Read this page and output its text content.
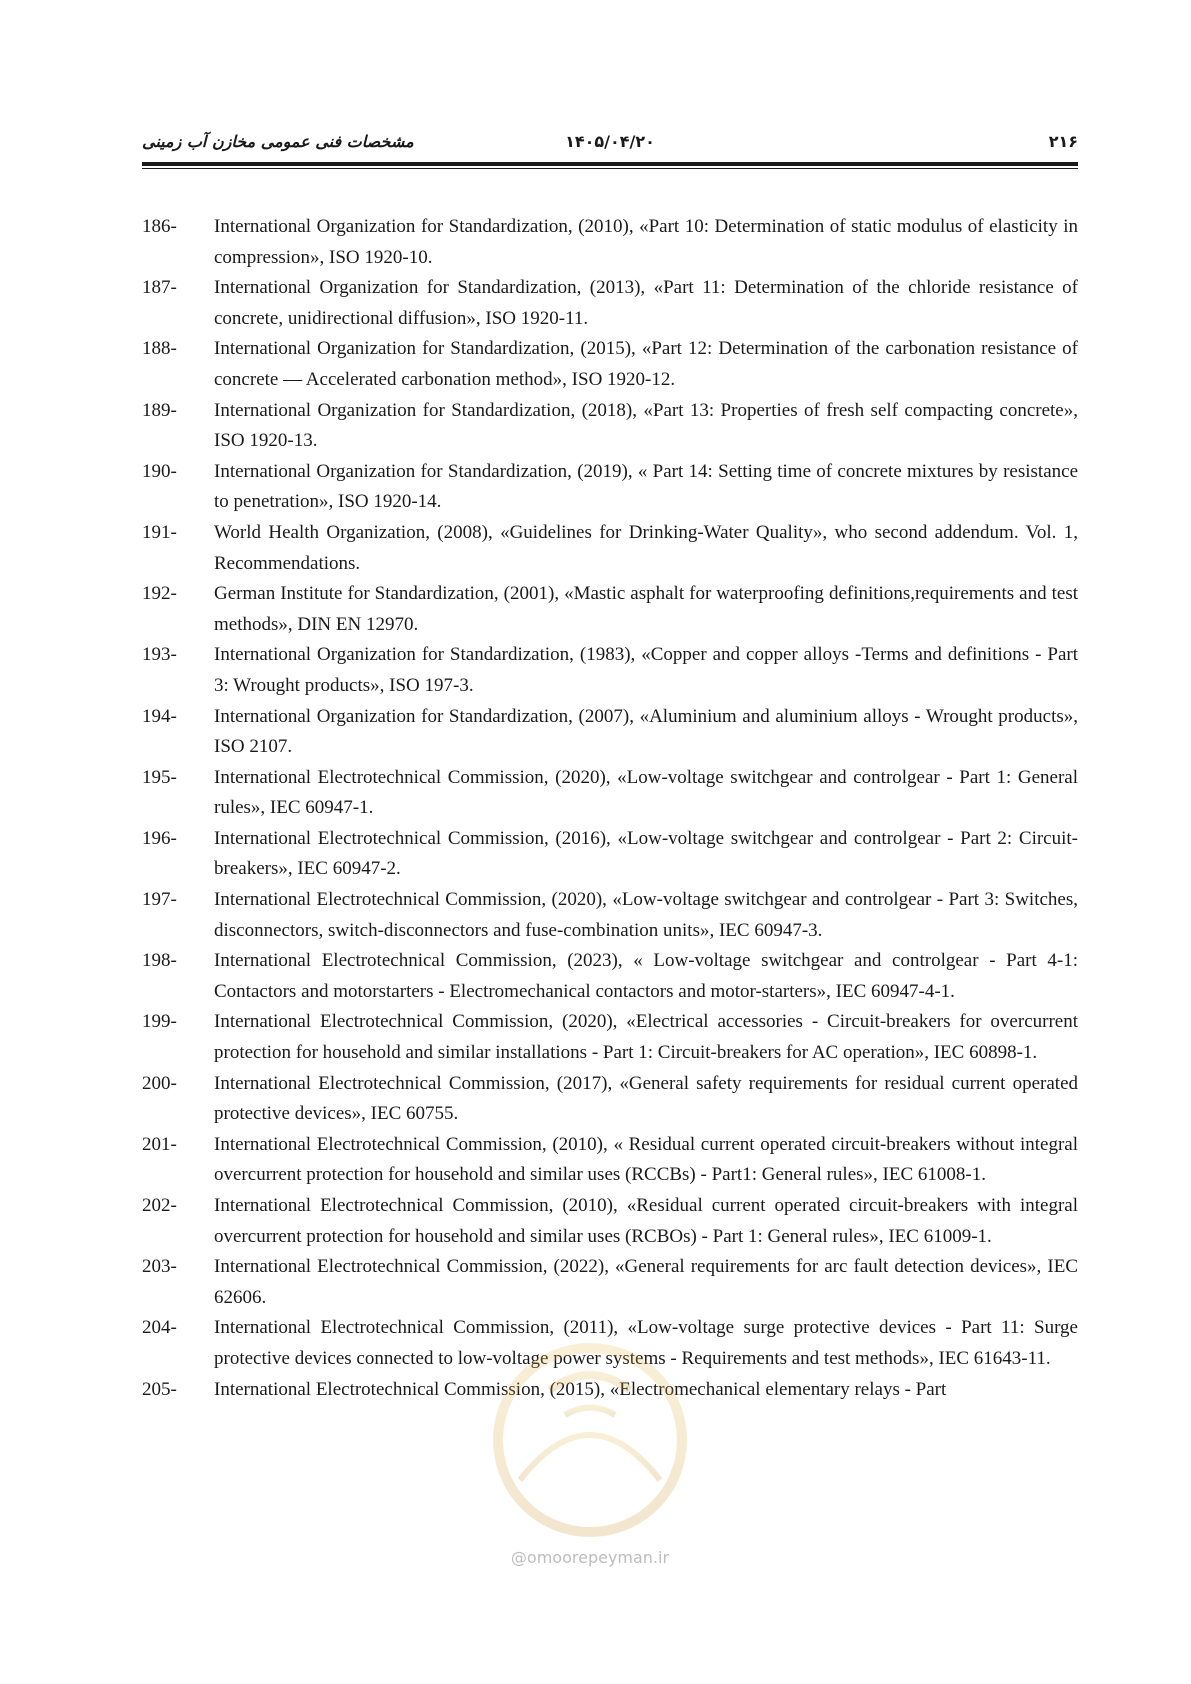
۲۱۶
۱۴۰۵/۰۴/۲۰
مشخصات فنی عمومی مخازن آب زمینی
186-	International Organization for Standardization, (2010), «Part 10: Determination of static modulus of elasticity in compression», ISO 1920-10.
187-	International Organization for Standardization, (2013), «Part 11: Determination of the chloride resistance of concrete, unidirectional diffusion», ISO 1920-11.
188-	International Organization for Standardization, (2015), «Part 12: Determination of the carbonation resistance of concrete — Accelerated carbonation method», ISO 1920-12.
189-	International Organization for Standardization, (2018), «Part 13: Properties of fresh self compacting concrete», ISO 1920-13.
190-	International Organization for Standardization, (2019), « Part 14: Setting time of concrete mixtures by resistance to penetration», ISO 1920-14.
191-	World Health Organization, (2008), «Guidelines for Drinking-Water Quality», who second addendum. Vol. 1, Recommendations.
192-	German Institute for Standardization, (2001), «Mastic asphalt for waterproofing definitions,requirements and test methods», DIN EN 12970.
193-	International Organization for Standardization, (1983), «Copper and copper alloys -Terms and definitions - Part 3: Wrought products», ISO 197-3.
194-	International Organization for Standardization, (2007), «Aluminium and aluminium alloys - Wrought products», ISO 2107.
195-	International Electrotechnical Commission, (2020), «Low-voltage switchgear and controlgear - Part 1: General rules», IEC 60947-1.
196-	International Electrotechnical Commission, (2016), «Low-voltage switchgear and controlgear - Part 2: Circuit-breakers», IEC 60947-2.
197-	International Electrotechnical Commission, (2020), «Low-voltage switchgear and controlgear - Part 3: Switches, disconnectors, switch-disconnectors and fuse-combination units», IEC 60947-3.
198-	International Electrotechnical Commission, (2023), « Low-voltage switchgear and controlgear - Part 4-1: Contactors and motorstarters - Electromechanical contactors and motor-starters», IEC 60947-4-1.
199-	International Electrotechnical Commission, (2020), «Electrical accessories - Circuit-breakers for overcurrent protection for household and similar installations - Part 1: Circuit-breakers for AC operation», IEC 60898-1.
200-	International Electrotechnical Commission, (2017), «General safety requirements for residual current operated protective devices», IEC 60755.
201-	International Electrotechnical Commission, (2010), « Residual current operated circuit-breakers without integral overcurrent protection for household and similar uses (RCCBs) - Part1: General rules», IEC 61008-1.
202-	International Electrotechnical Commission, (2010), «Residual current operated circuit-breakers with integral overcurrent protection for household and similar uses (RCBOs) - Part 1: General rules», IEC 61009-1.
203-	International Electrotechnical Commission, (2022), «General requirements for arc fault detection devices», IEC 62606.
204-	International Electrotechnical Commission, (2011), «Low-voltage surge protective devices - Part 11: Surge protective devices connected to low-voltage power systems - Requirements and test methods», IEC 61643-11.
205-	International Electrotechnical Commission, (2015), «Electromechanical elementary relays - Part
@omoorepeyman.ir
